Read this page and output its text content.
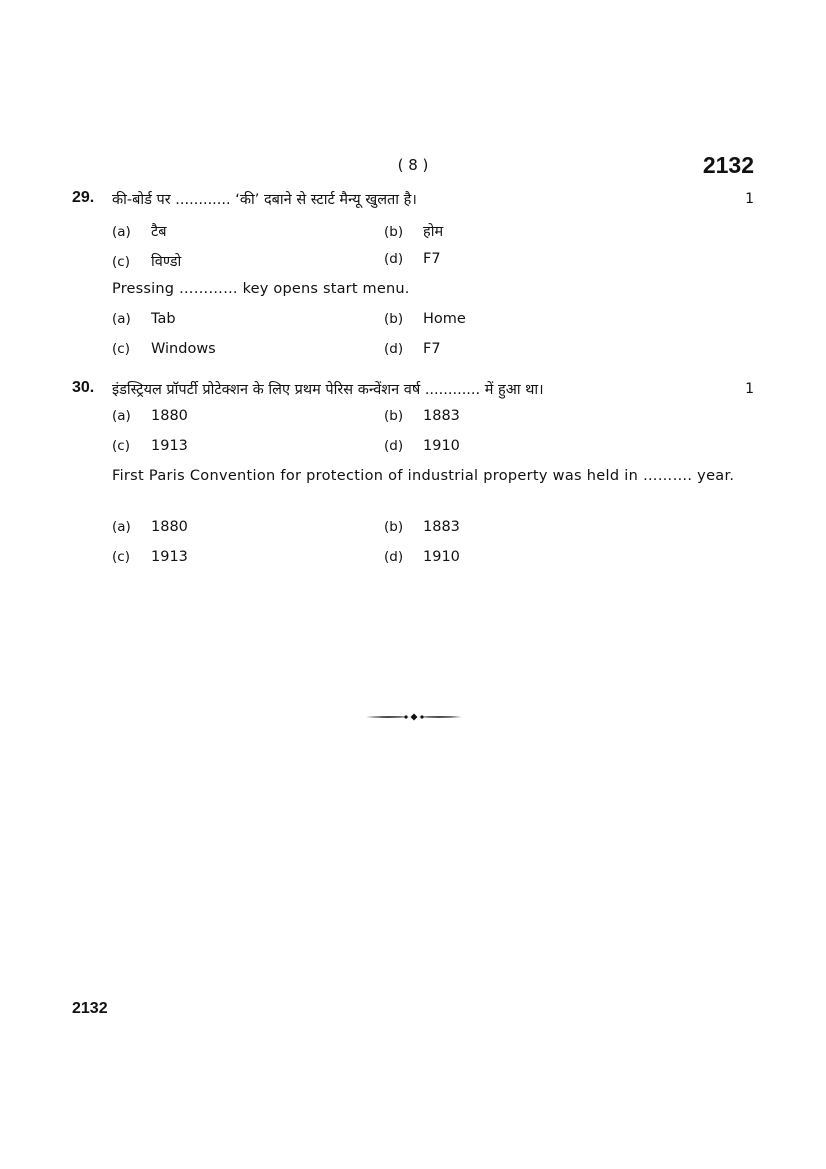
( 8 )	2132
29. की-बोर्ड पर ............ ‘की’ दबाने से स्टार्ट मैन्यू खुलता है।	1
(a) टैब	(b) होम
(c) विण्डो	(d) F7
Pressing ………… key opens start menu.
(a) Tab	(b) Home
(c) Windows	(d) F7
30. इंडस्ट्रियल प्रॉपर्टी प्रोटेक्शन के लिए प्रथम पेरिस कन्वेंशन वर्ष ............ में हुआ था।	1
(a) 1880	(b) 1883
(c) 1913	(d) 1910
First Paris Convention for protection of industrial property was held in ………. year.
(a) 1880	(b) 1883
(c) 1913	(d) 1910
2132
